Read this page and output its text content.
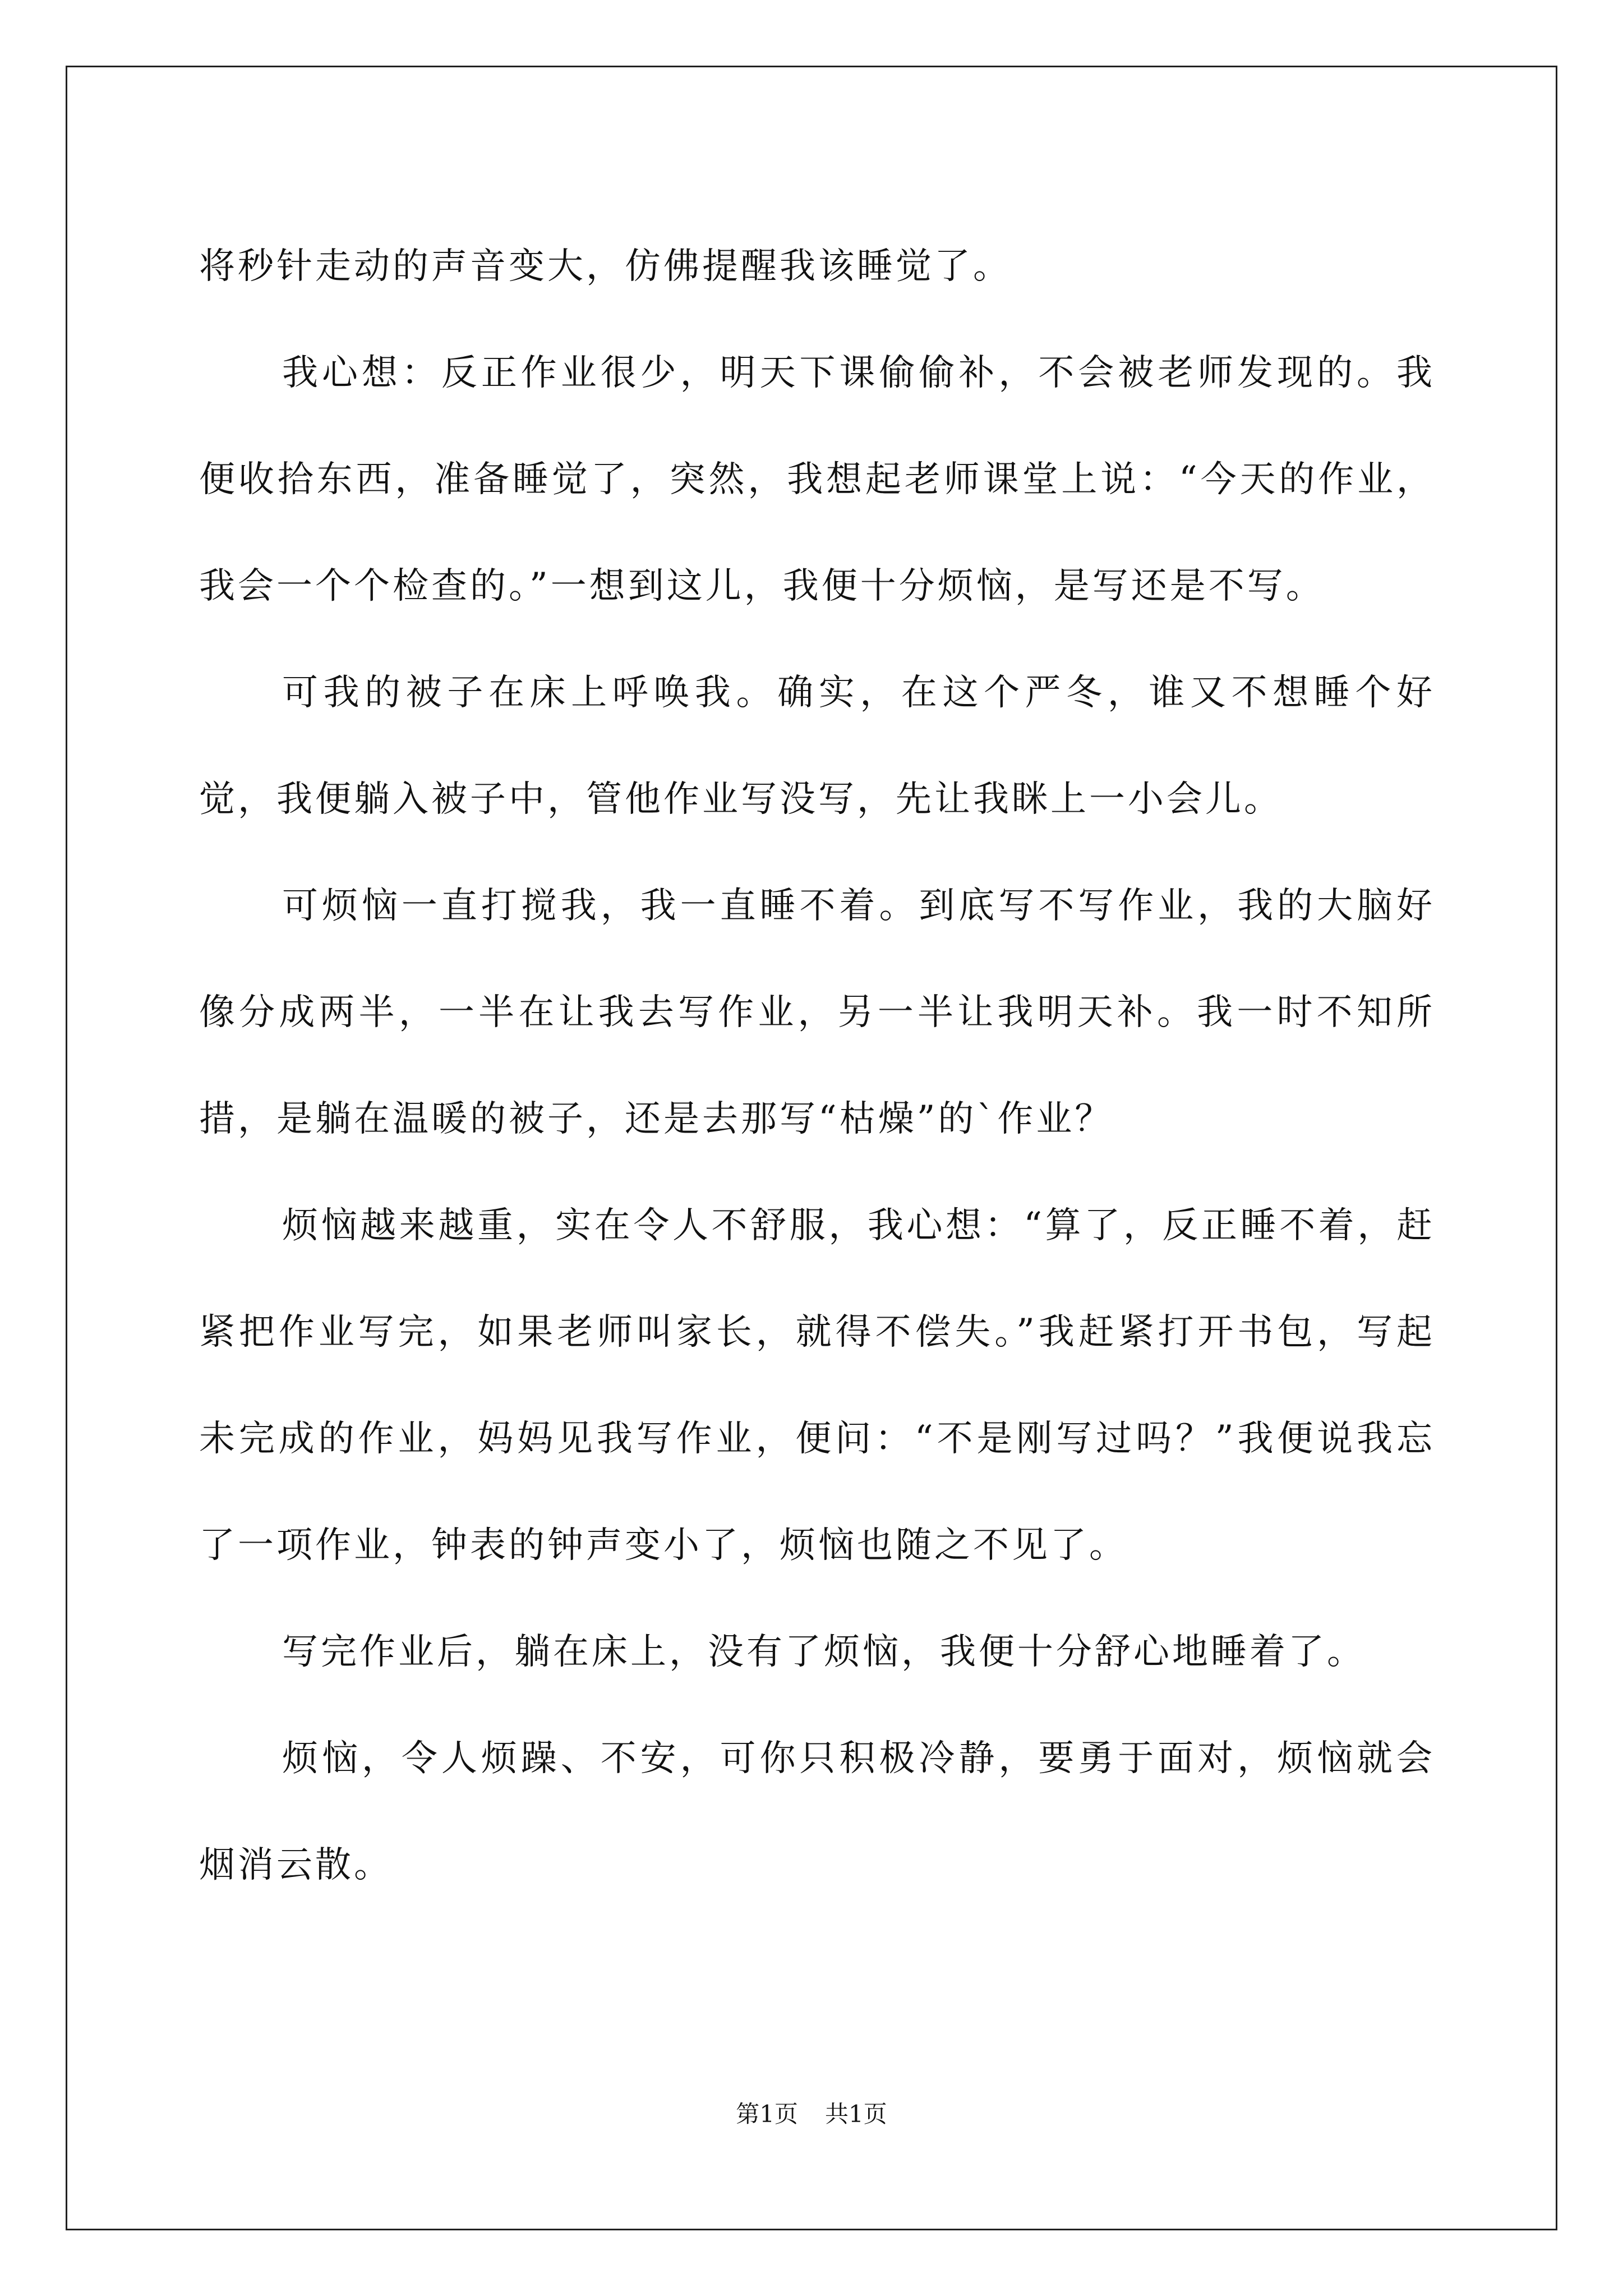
将秒针走动的声音变大，仿佛提醒我该睡觉了。

我心想：反正作业很少，明天下课偷偷补，不会被老师发现的。我便收拾东西，准备睡觉了，突然，我想起老师课堂上说：“今天的作业，我会一个个检查的。”一想到这儿，我便十分烦恼，是写还是不写。

可我的被子在床上呼唤我。确实，在这个严冬，谁又不想睡个好觉，我便躺入被子中，管他作业写没写，先让我眯上一小会儿。

可烦恼一直打搅我，我一直睡不着。到底写不写作业，我的大脑好像分成两半，一半在让我去写作业，另一半让我明天补。我一时不知所措，是躺在温暖的被子，还是去那写“枯燥”的`作业？

烦恼越来越重，实在令人不舒服，我心想：“算了，反正睡不着，赶紧把作业写完，如果老师叫家长，就得不偿失。”我赶紧打开书包，写起未完成的作业，妈妈见我写作业，便问：“不是刚写过吗？”我便说我忘了一项作业，钟表的钟声变小了，烦恼也随之不见了。

写完作业后，躺在床上，没有了烦恼，我便十分舒心地睡着了。

烦恼，令人烦躁、不安，可你只积极冷静，要勇于面对，烦恼就会烟消云散。

第1页 共1页
